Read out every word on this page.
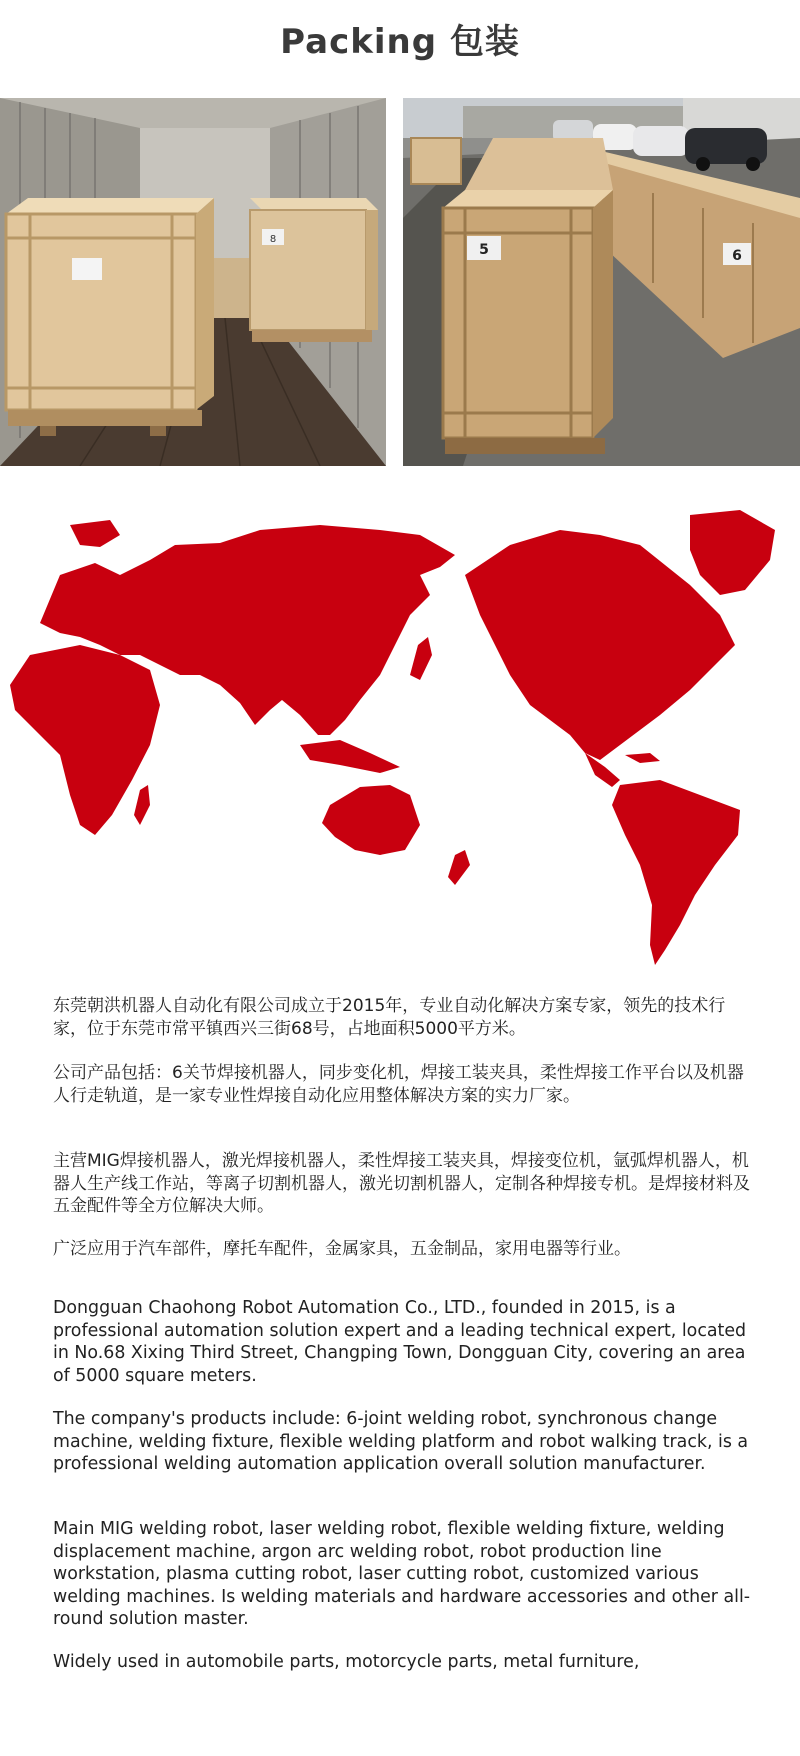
Packing 包装
8
6
5

东莞朝洪机器人自动化有限公司成立于2015年，专业自动化解决方案专家，领先的技术行家，位于东莞市常平镇西兴三街68号，占地面积5000平方米。

公司产品包括：6关节焊接机器人，同步变化机，焊接工装夹具，柔性焊接工作平台以及机器人行走轨道，是一家专业性焊接自动化应用整体解决方案的实力厂家。

主营MIG焊接机器人，激光焊接机器人，柔性焊接工装夹具，焊接变位机，氩弧焊机器人，机器人生产线工作站，等离子切割机器人，激光切割机器人，定制各种焊接专机。是焊接材料及五金配件等全方位解决大师。

广泛应用于汽车部件，摩托车配件，金属家具，五金制品，家用电器等行业。

Dongguan Chaohong Robot Automation Co., LTD., founded in 2015, is a professional automation solution expert and a leading technical expert, located in No.68 Xixing Third Street, Changping Town, Dongguan City, covering an area of 5000 square meters.

The company's products include: 6-joint welding robot, synchronous change machine, welding fixture, flexible welding platform and robot walking track, is a professional welding automation application overall solution manufacturer.

Main MIG welding robot, laser welding robot, flexible welding fixture, welding displacement machine, argon arc welding robot, robot production line workstation, plasma cutting robot, laser cutting robot, customized various welding machines. Is welding materials and hardware accessories and other all-round solution master.

Widely used in automobile parts, motorcycle parts, metal furniture,
